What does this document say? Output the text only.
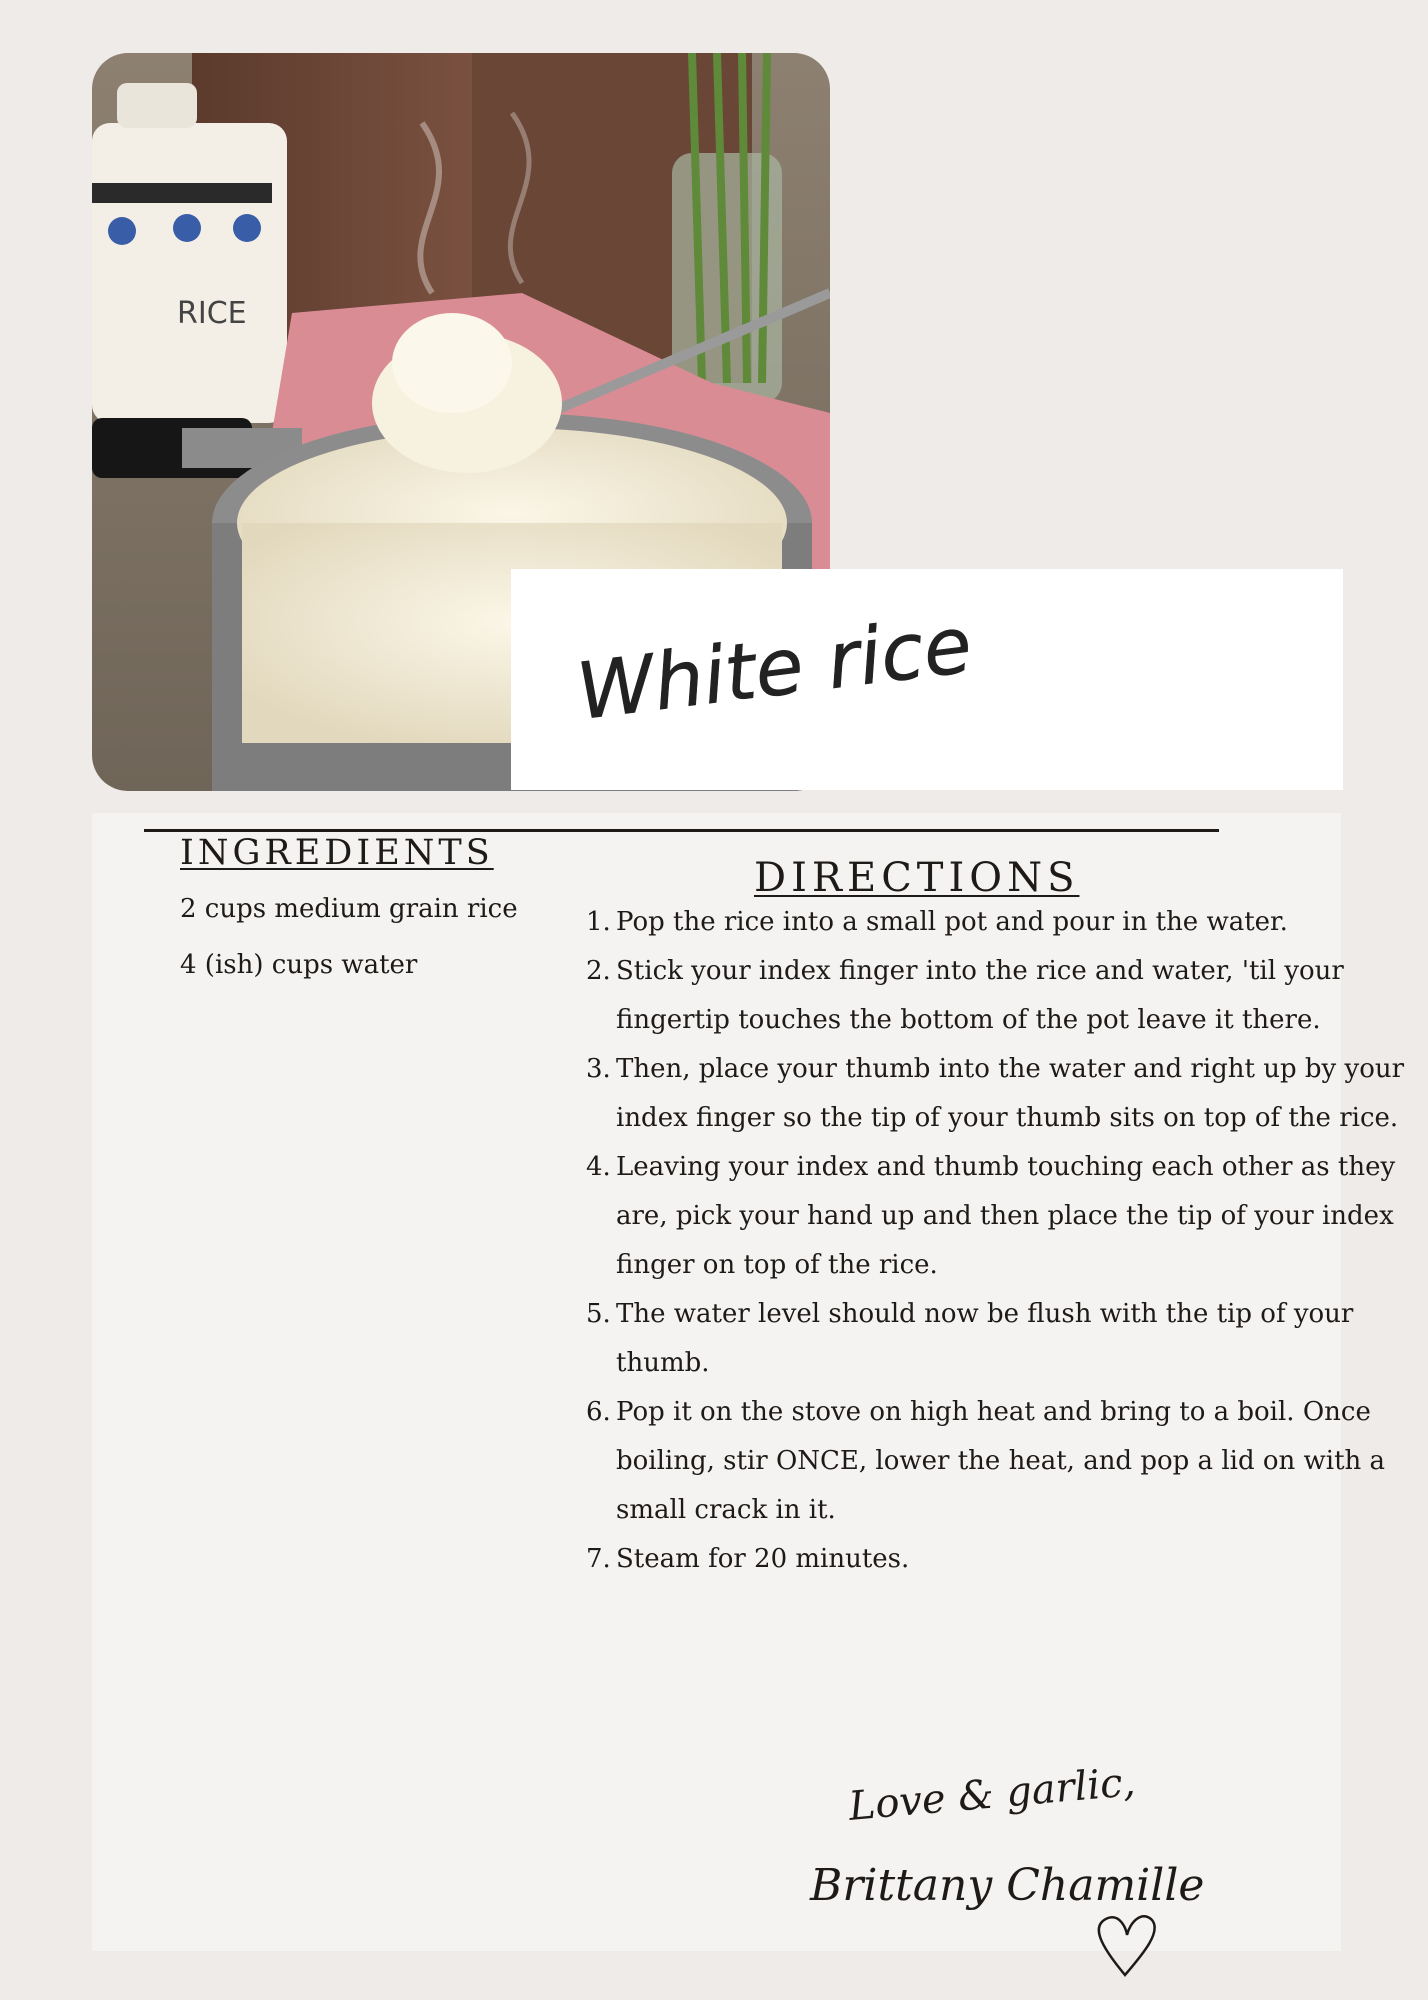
RICE
White rice
INGREDIENTS
2 cups medium grain rice
4 (ish) cups water
DIRECTIONS
1. Pop the rice into a small pot and pour in the water.
2. Stick your index finger into the rice and water, 'til your fingertip touches the bottom of the pot leave it there.
3. Then, place your thumb into the water and right up by your index finger so the tip of your thumb sits on top of the rice.
4. Leaving your index and thumb touching each other as they are, pick your hand up and then place the tip of your index finger on top of the rice.
5. The water level should now be flush with the tip of your thumb.
6. Pop it on the stove on high heat and bring to a boil. Once boiling, stir ONCE, lower the heat, and pop a lid on with a small crack in it.
7. Steam for 20 minutes.
Love & garlic,
Brittany Chamille
